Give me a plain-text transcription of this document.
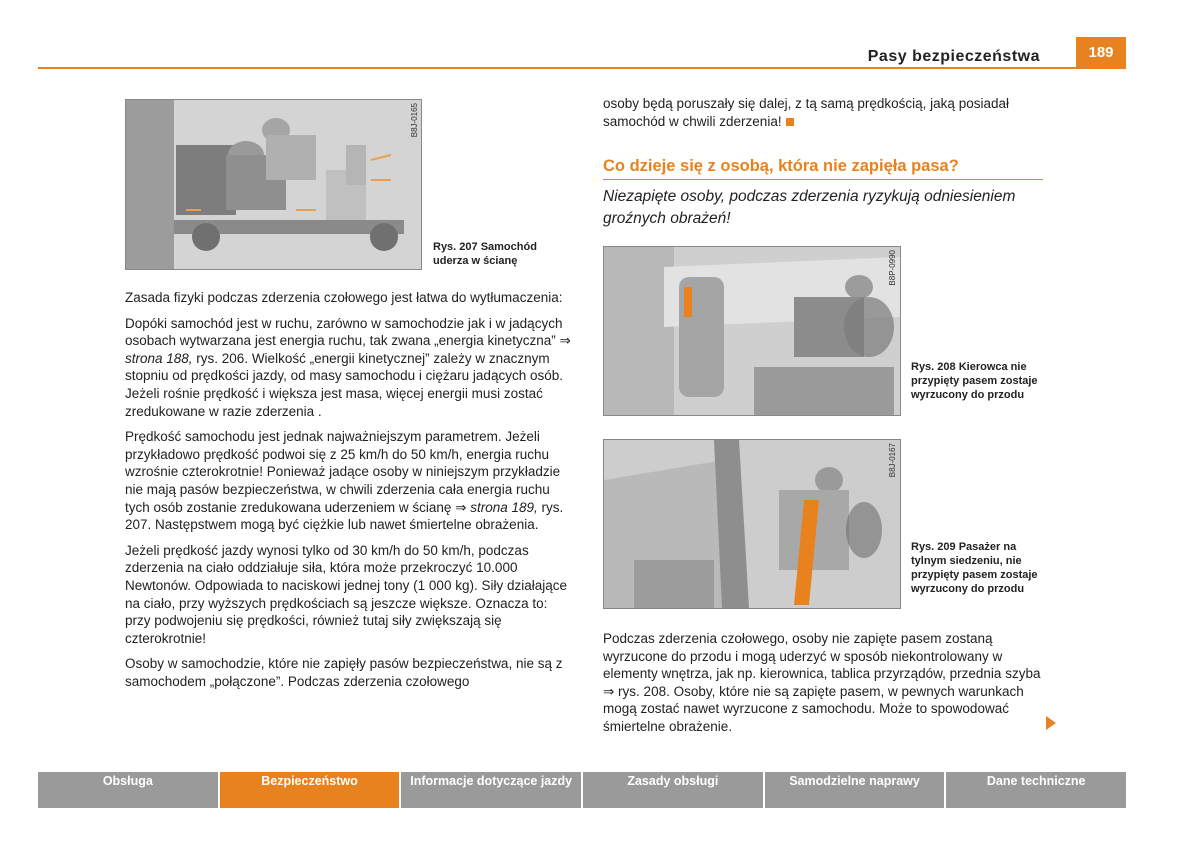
Pasy bezpieczeństwa	189
B8J-0165
Rys. 207 Samochód uderza w ścianę

Zasada fizyki podczas zderzenia czołowego jest łatwa do wytłumaczenia:

Dopóki samochód jest w ruchu, zarówno w samochodzie jak i w jadących osobach wytwarzana jest energia ruchu, tak zwana „energia kinetyczna” ⇒ strona 188, rys. 206. Wielkość „energii kinetycznej” zależy w znacznym stopniu od prędkości jazdy, od masy samochodu i ciężaru jadących osób. Jeżeli rośnie prędkość i większa jest masa, więcej energii musi zostać zredukowane w razie zderzenia .

Prędkość samochodu jest jednak najważniejszym parametrem. Jeżeli przykładowo prędkość podwoi się z 25 km/h do 50 km/h, energia ruchu wzrośnie czterokrotnie! Ponieważ jadące osoby w niniejszym przykładzie nie mają pasów bezpieczeństwa, w chwili zderzenia cała energia ruchu tych osób zostanie zredukowana uderzeniem w ścianę ⇒ strona 189, rys. 207. Następstwem mogą być ciężkie lub nawet śmiertelne obrażenia.

Jeżeli prędkość jazdy wynosi tylko od 30 km/h do 50 km/h, podczas zderzenia na ciało oddziałuje siła, która może przekroczyć 10.000 Newtonów. Odpowiada to naciskowi jednej tony (1 000 kg). Siły działające na ciało, przy wyższych prędkościach są jeszcze większe. Oznacza to: przy podwojeniu się prędkości, również tutaj siły zwiększają się czterokrotnie!

Osoby w samochodzie, które nie zapięły pasów bezpieczeństwa, nie są z samochodem „połączone”. Podczas zderzenia czołowego

osoby będą poruszały się dalej, z tą samą prędkością, jaką posiadał samochód w chwili zderzenia!

Co dzieje się z osobą, która nie zapięła pasa?
Niezapięte osoby, podczas zderzenia ryzykują odniesieniem groźnych obrażeń!
B8P-0990
Rys. 208 Kierowca nie przypięty pasem zostaje wyrzucony do przodu
B8J-0167
Rys. 209 Pasażer na tylnym siedzeniu, nie przypięty pasem zostaje wyrzucony do przodu

Podczas zderzenia czołowego, osoby nie zapięte pasem zostaną wyrzucone do przodu i mogą uderzyć w sposób niekontrolowany w elementy wnętrza, jak np. kierownica, tablica przyrządów, przednia szyba ⇒ rys. 208. Osoby, które nie są zapięte pasem, w pewnych warunkach mogą zostać nawet wyrzucone z samochodu. Może to spowodować śmiertelne obrażenie.

Obsługa	Bezpieczeństwo	Informacje dotyczące jazdy	Zasady obsługi	Samodzielne naprawy	Dane techniczne
